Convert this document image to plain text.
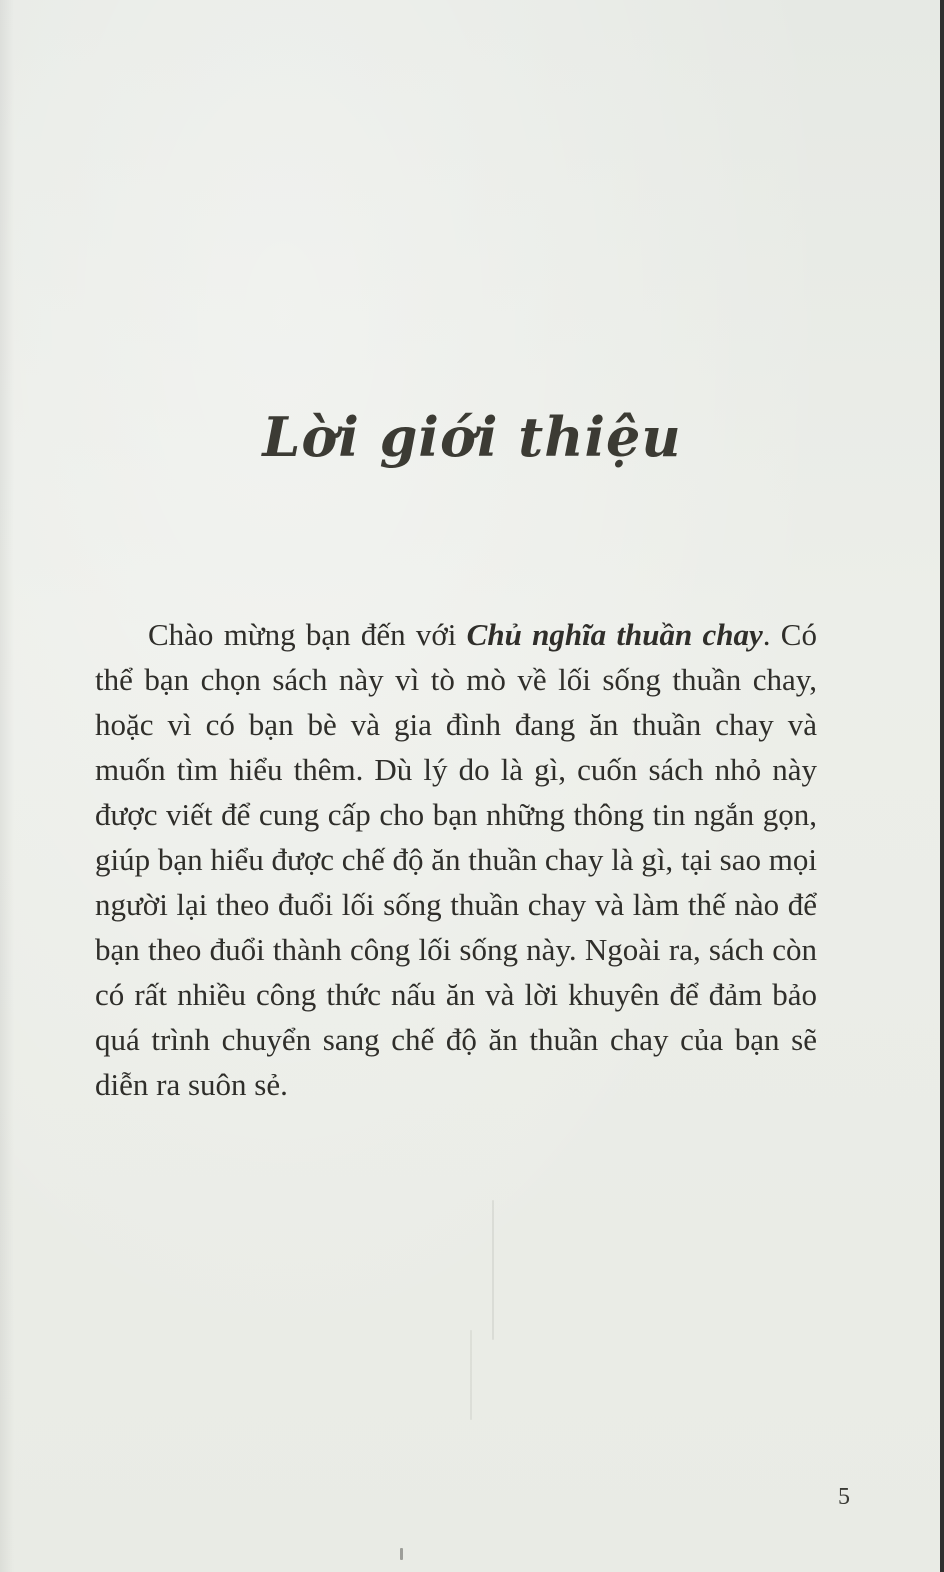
Lời giới thiệu

Chào mừng bạn đến với Chủ nghĩa thuần chay. Có thể bạn chọn sách này vì tò mò về lối sống thuần chay, hoặc vì có bạn bè và gia đình đang ăn thuần chay và muốn tìm hiểu thêm. Dù lý do là gì, cuốn sách nhỏ này được viết để cung cấp cho bạn những thông tin ngắn gọn, giúp bạn hiểu được chế độ ăn thuần chay là gì, tại sao mọi người lại theo đuổi lối sống thuần chay và làm thế nào để bạn theo đuổi thành công lối sống này. Ngoài ra, sách còn có rất nhiều công thức nấu ăn và lời khuyên để đảm bảo quá trình chuyển sang chế độ ăn thuần chay của bạn sẽ diễn ra suôn sẻ.

5
